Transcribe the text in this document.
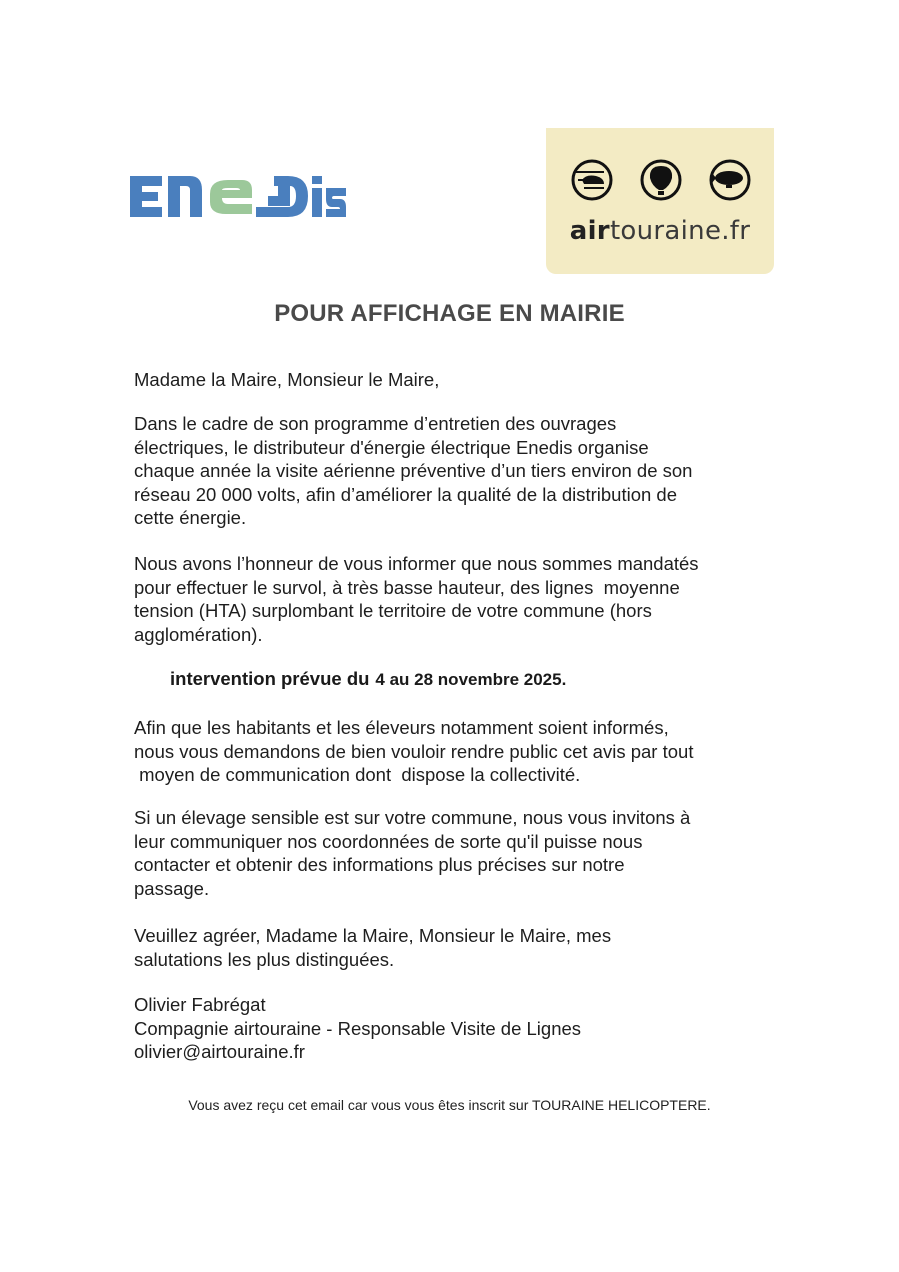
airtouraine.fr
POUR AFFICHAGE EN MAIRIE
Madame la Maire, Monsieur le Maire,
Dans le cadre de son programme d’entretien des ouvrages
électriques, le distributeur d'énergie électrique Enedis organise
chaque année la visite aérienne préventive d’un tiers environ de son
réseau 20 000 volts, afin d’améliorer la qualité de la distribution de
cette énergie.
Nous avons l’honneur de vous informer que nous sommes mandatés
pour effectuer le survol, à très basse hauteur, des lignes  moyenne
tension (HTA) surplombant le territoire de votre commune (hors
agglomération).
intervention prévue du 4 au 28 novembre 2025.
Afin que les habitants et les éleveurs notamment soient informés,
nous vous demandons de bien vouloir rendre public cet avis par tout
moyen de communication dont  dispose la collectivité.
Si un élevage sensible est sur votre commune, nous vous invitons à
leur communiquer nos coordonnées de sorte qu'il puisse nous
contacter et obtenir des informations plus précises sur notre
passage.
Veuillez agréer, Madame la Maire, Monsieur le Maire, mes
salutations les plus distinguées.
Olivier Fabrégat
Compagnie airtouraine - Responsable Visite de Lignes
olivier@airtouraine.fr
Vous avez reçu cet email car vous vous êtes inscrit sur TOURAINE HELICOPTERE.
